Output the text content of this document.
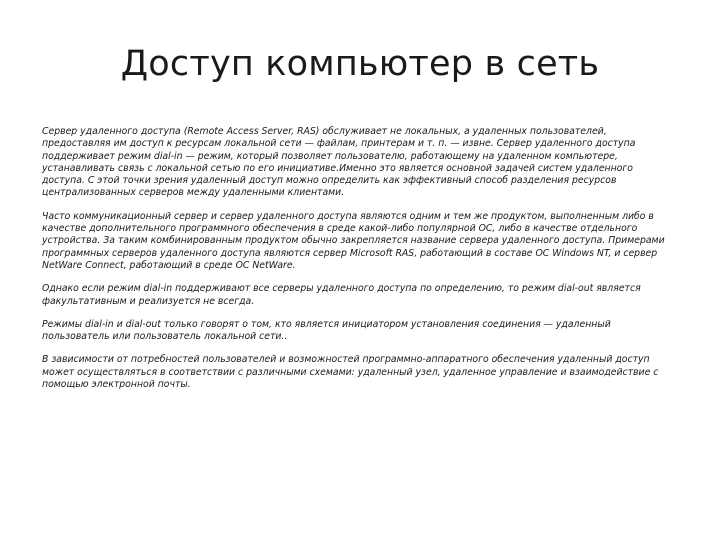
Доступ компьютер в сеть

Сервер удаленного доступа (Remote Access Server, RAS) обслуживает не локальных, а удаленных пользователей, предоставляя им доступ к ресурсам локальной сети — файлам, принтерам и т. п. — извне. Сервер удаленного доступа поддерживает режим dial-in — режим, который позволяет пользователю, работающему на удаленном компьютере, устанавливать связь с локальной сетью по его инициативе.Именно это является основной задачей систем удаленного доступа. С этой точки зрения удаленный доступ можно определить как эффективный способ разделения ресурсов централизованных серверов между удаленными клиентами.

Часто коммуникационный сервер и сервер удаленного доступа являются одним и тем же продуктом, выполненным либо в качестве дополнительного программного обеспечения в среде какой-либо популярной ОС, либо в качестве отдельного устройства. За таким комбинированным продуктом обычно закрепляется название сервера удаленного доступа. Примерами программных серверов удаленного доступа являются сервер Microsoft RAS, работающий в составе ОС Windows NT, и сервер NetWare Connect, работающий в среде ОС NetWare.

Однако если режим dial-in поддерживают все серверы удаленного доступа по определению, то режим dial-out является факультативным и реализуется не всегда.

Режимы dial-in и dial-out только говорят о том, кто является инициатором установления соединения — удаленный пользователь или пользователь локальной сети..

В зависимости от потребностей пользователей и возможностей программно-аппаратного обеспечения удаленный доступ может осуществляться в соответствии с различными схемами: удаленный узел, удаленное управление и взаимодействие с помощью электронной почты.
